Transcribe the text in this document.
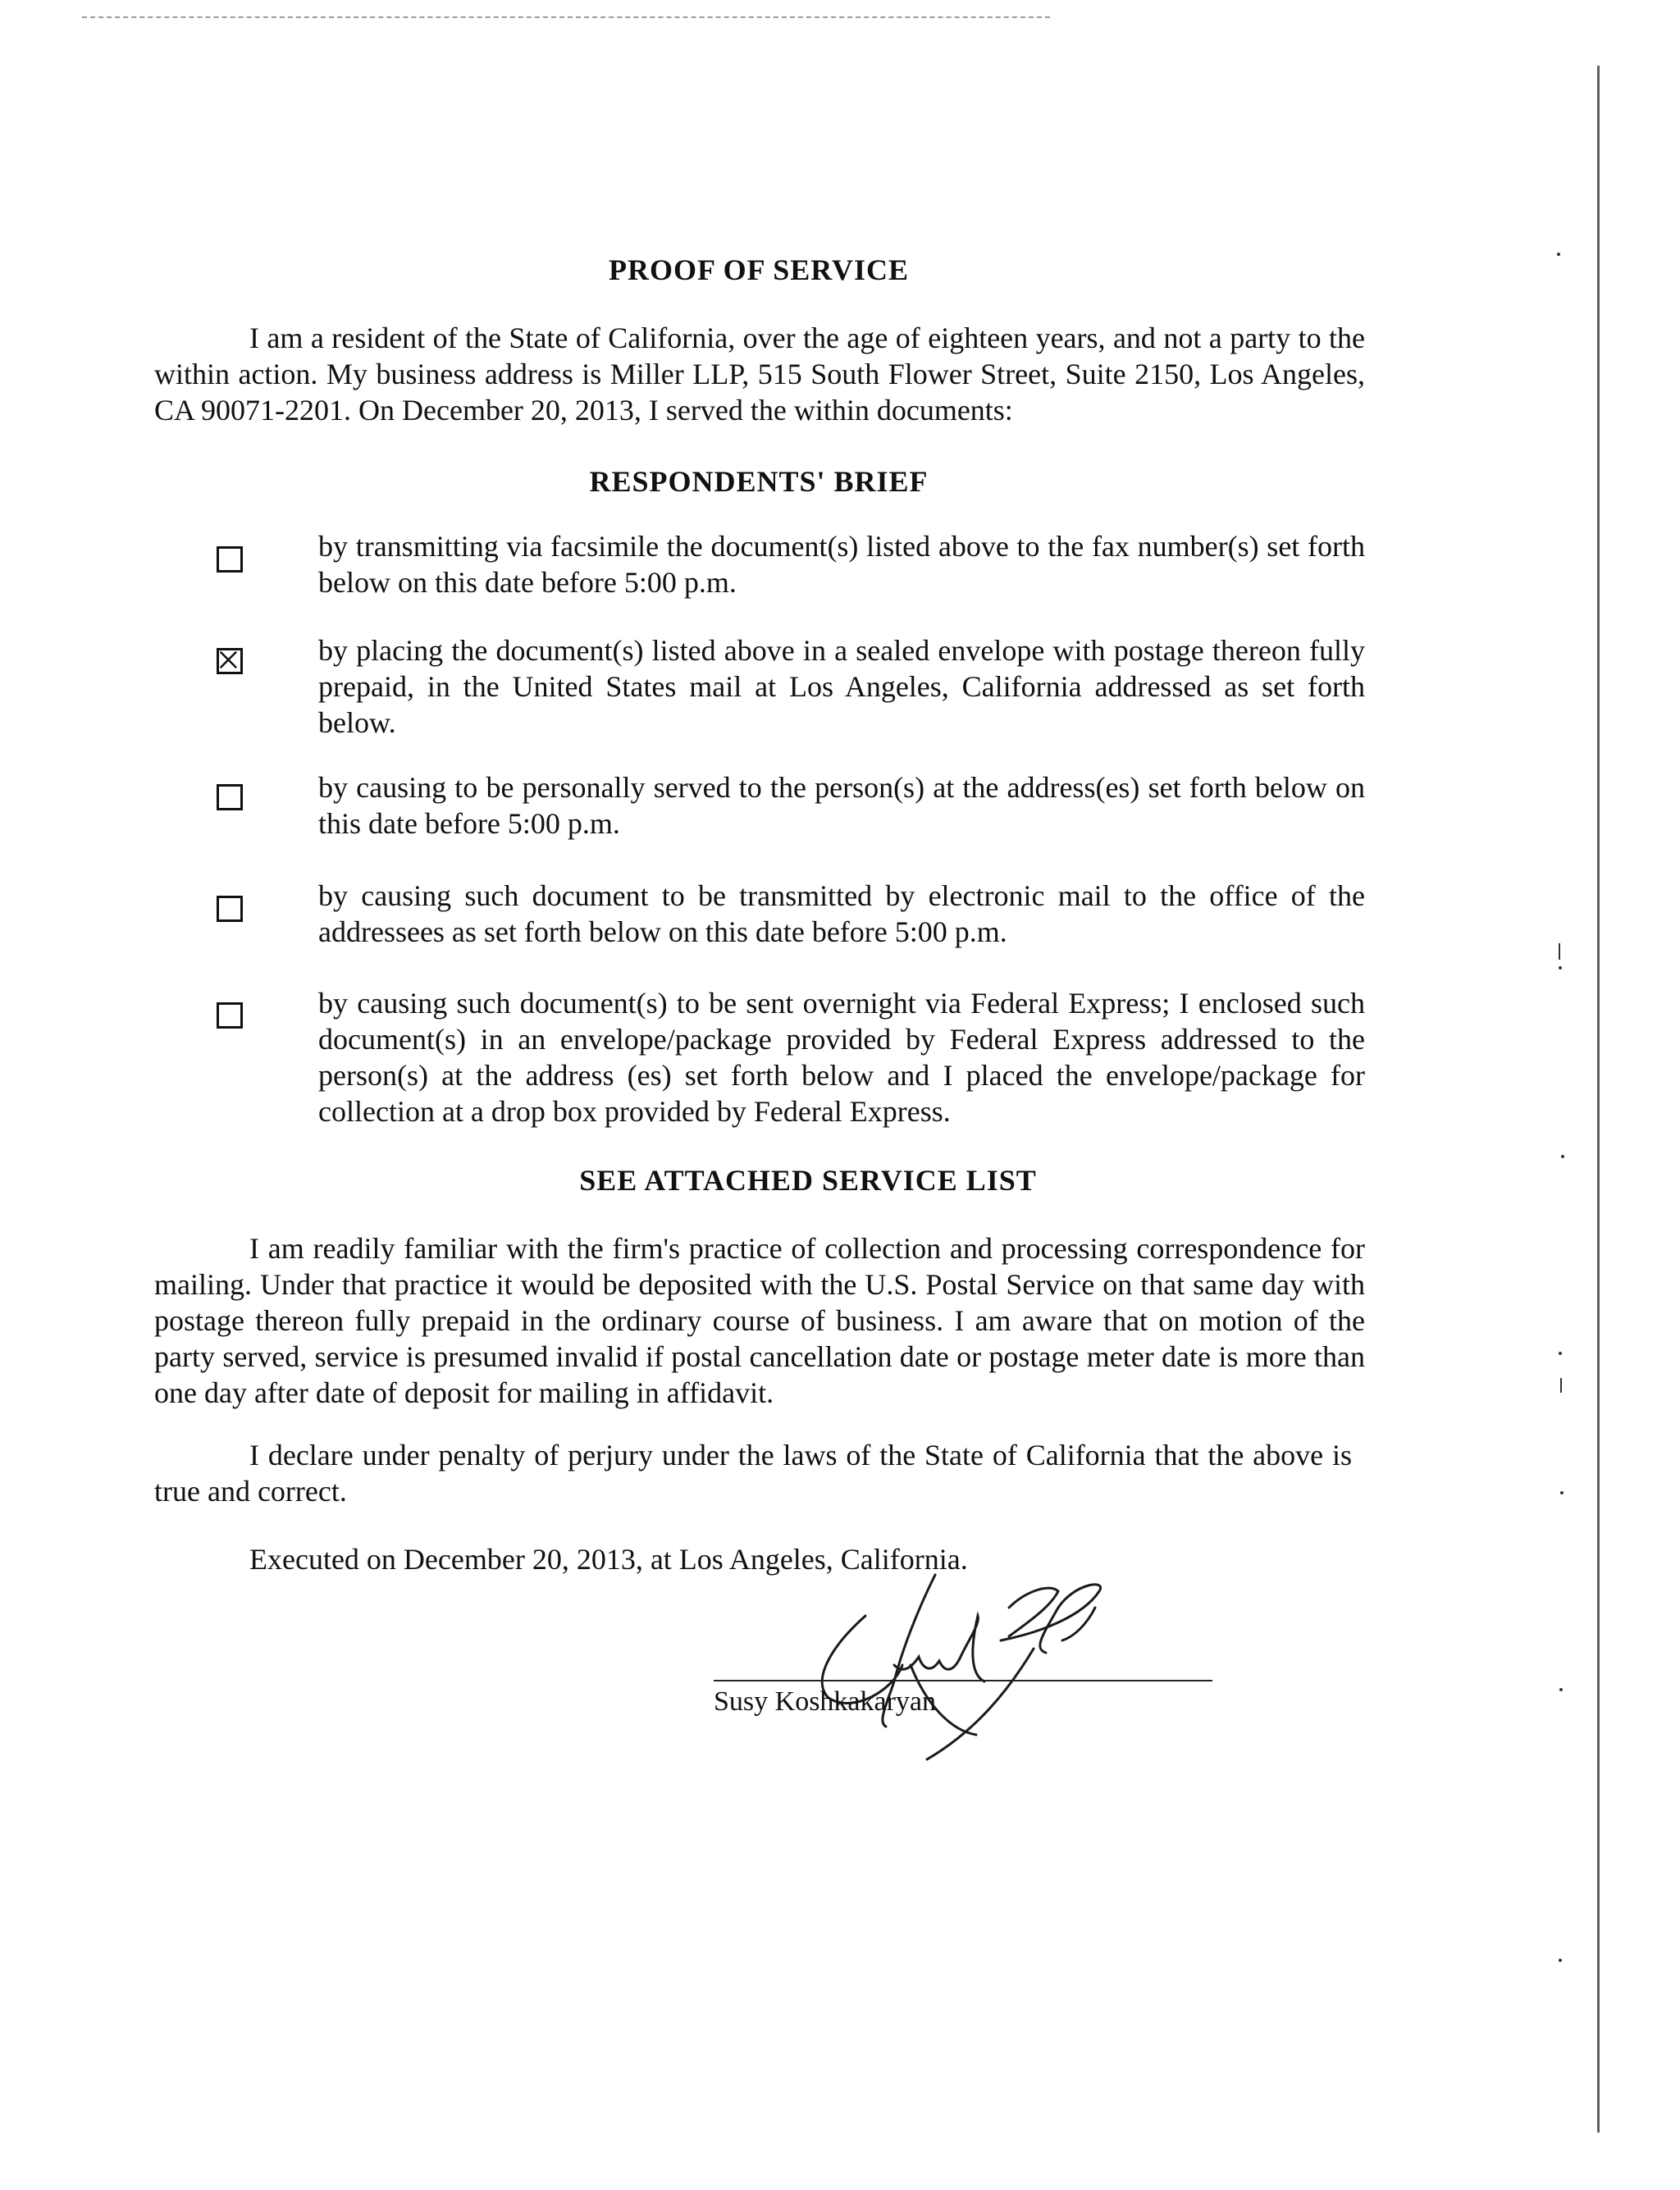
PROOF OF SERVICE

I am a resident of the State of California, over the age of eighteen years, and not a party to the within action. My business address is Miller LLP, 515 South Flower Street, Suite 2150, Los Angeles, CA 90071-2201. On December 20, 2013, I served the within documents:

RESPONDENTS' BRIEF

by transmitting via facsimile the document(s) listed above to the fax number(s) set forth below on this date before 5:00 p.m.

by placing the document(s) listed above in a sealed envelope with postage thereon fully prepaid, in the United States mail at Los Angeles, California addressed as set forth below.

by causing to be personally served to the person(s) at the address(es) set forth below on this date before 5:00 p.m.

by causing such document to be transmitted by electronic mail to the office of the addressees as set forth below on this date before 5:00 p.m.

by causing such document(s) to be sent overnight via Federal Express; I enclosed such document(s) in an envelope/package provided by Federal Express addressed to the person(s) at the address (es) set forth below and I placed the envelope/package for collection at a drop box provided by Federal Express.

SEE ATTACHED SERVICE LIST

I am readily familiar with the firm's practice of collection and processing correspondence for mailing. Under that practice it would be deposited with the U.S. Postal Service on that same day with postage thereon fully prepaid in the ordinary course of business. I am aware that on motion of the party served, service is presumed invalid if postal cancellation date or postage meter date is more than one day after date of deposit for mailing in affidavit.

I declare under penalty of perjury under the laws of the State of California that the above is true and correct.

Executed on December 20, 2013, at Los Angeles, California.
Susy Koshkakaryan
